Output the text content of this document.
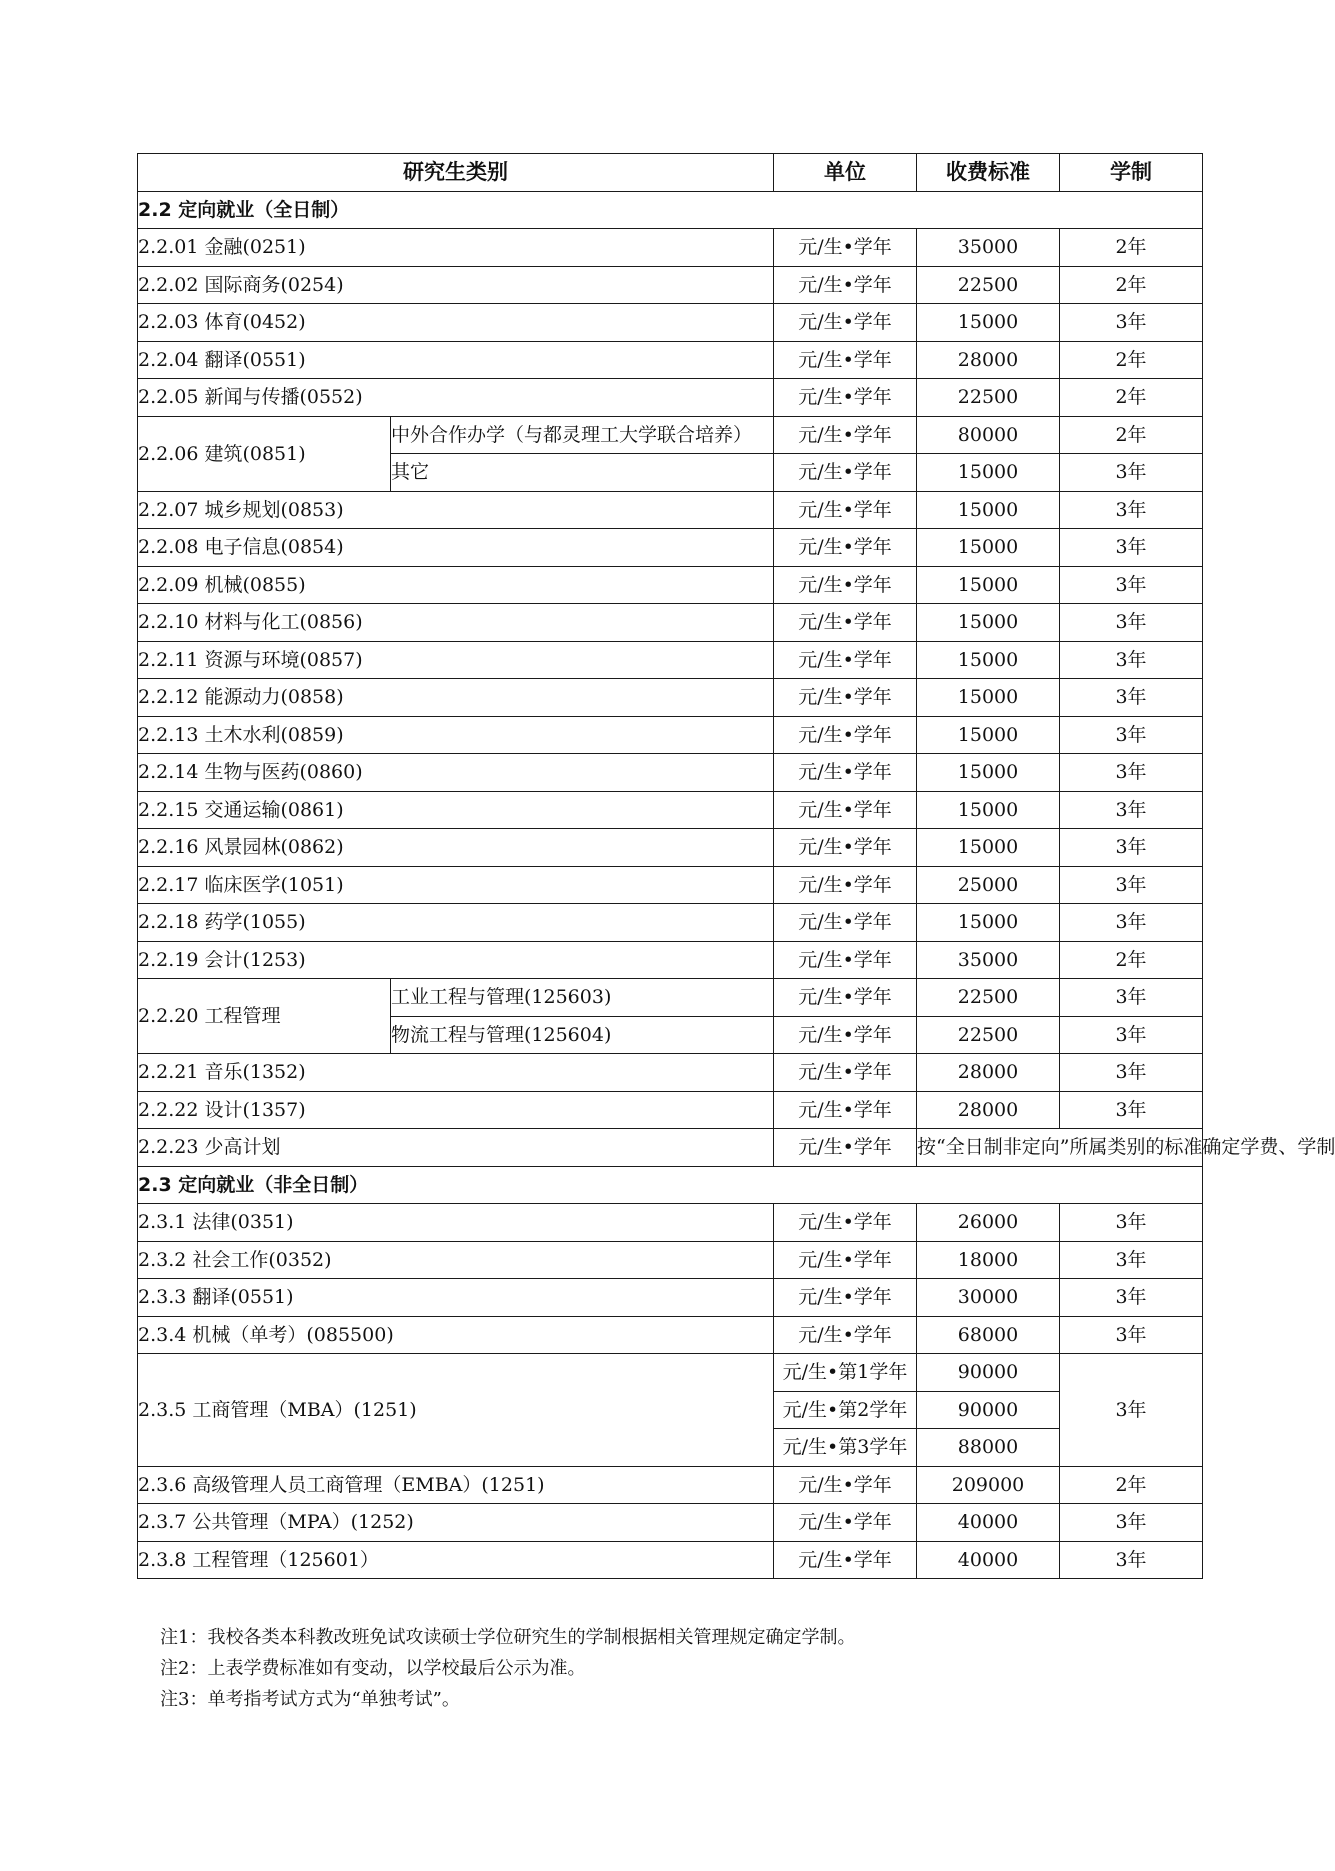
研究生类别		单位	收费标准	学制
2.2 定向就业（全日制）				
2.2.01 金融(0251)		元/生•学年	35000	2年
2.2.02 国际商务(0254)		元/生•学年	22500	2年
2.2.03 体育(0452)		元/生•学年	15000	3年
2.2.04 翻译(0551)		元/生•学年	28000	2年
2.2.05 新闻与传播(0552)		元/生•学年	22500	2年
2.2.06 建筑(0851)	中外合作办学（与都灵理工大学联合培养）	元/生•学年	80000	2年
	其它	元/生•学年	15000	3年
2.2.07 城乡规划(0853)		元/生•学年	15000	3年
2.2.08 电子信息(0854)		元/生•学年	15000	3年
2.2.09 机械(0855)		元/生•学年	15000	3年
2.2.10 材料与化工(0856)		元/生•学年	15000	3年
2.2.11 资源与环境(0857)		元/生•学年	15000	3年
2.2.12 能源动力(0858)		元/生•学年	15000	3年
2.2.13 土木水利(0859)		元/生•学年	15000	3年
2.2.14 生物与医药(0860)		元/生•学年	15000	3年
2.2.15 交通运输(0861)		元/生•学年	15000	3年
2.2.16 风景园林(0862)		元/生•学年	15000	3年
2.2.17 临床医学(1051)		元/生•学年	25000	3年
2.2.18 药学(1055)		元/生•学年	15000	3年
2.2.19 会计(1253)		元/生•学年	35000	2年
2.2.20 工程管理	工业工程与管理(125603)	元/生•学年	22500	3年
	物流工程与管理(125604)	元/生•学年	22500	3年
2.2.21 音乐(1352)		元/生•学年	28000	3年
2.2.22 设计(1357)		元/生•学年	28000	3年
2.2.23 少高计划		元/生•学年	按“全日制非定向”所属类别的标准确定学费、学制	
2.3 定向就业（非全日制）				
2.3.1 法律(0351)		元/生•学年	26000	3年
2.3.2 社会工作(0352)		元/生•学年	18000	3年
2.3.3 翻译(0551)		元/生•学年	30000	3年
2.3.4 机械（单考）(085500)		元/生•学年	68000	3年
2.3.5 工商管理（MBA）(1251)		元/生•第1学年	90000	3年
		元/生•第2学年	90000	
		元/生•第3学年	88000	
2.3.6 高级管理人员工商管理（EMBA）(1251)		元/生•学年	209000	2年
2.3.7 公共管理（MPA）(1252)		元/生•学年	40000	3年
2.3.8 工程管理（125601）		元/生•学年	40000	3年
注1：我校各类本科教改班免试攻读硕士学位研究生的学制根据相关管理规定确定学制。
注2：上表学费标准如有变动，以学校最后公示为准。
注3：单考指考试方式为“单独考试”。
